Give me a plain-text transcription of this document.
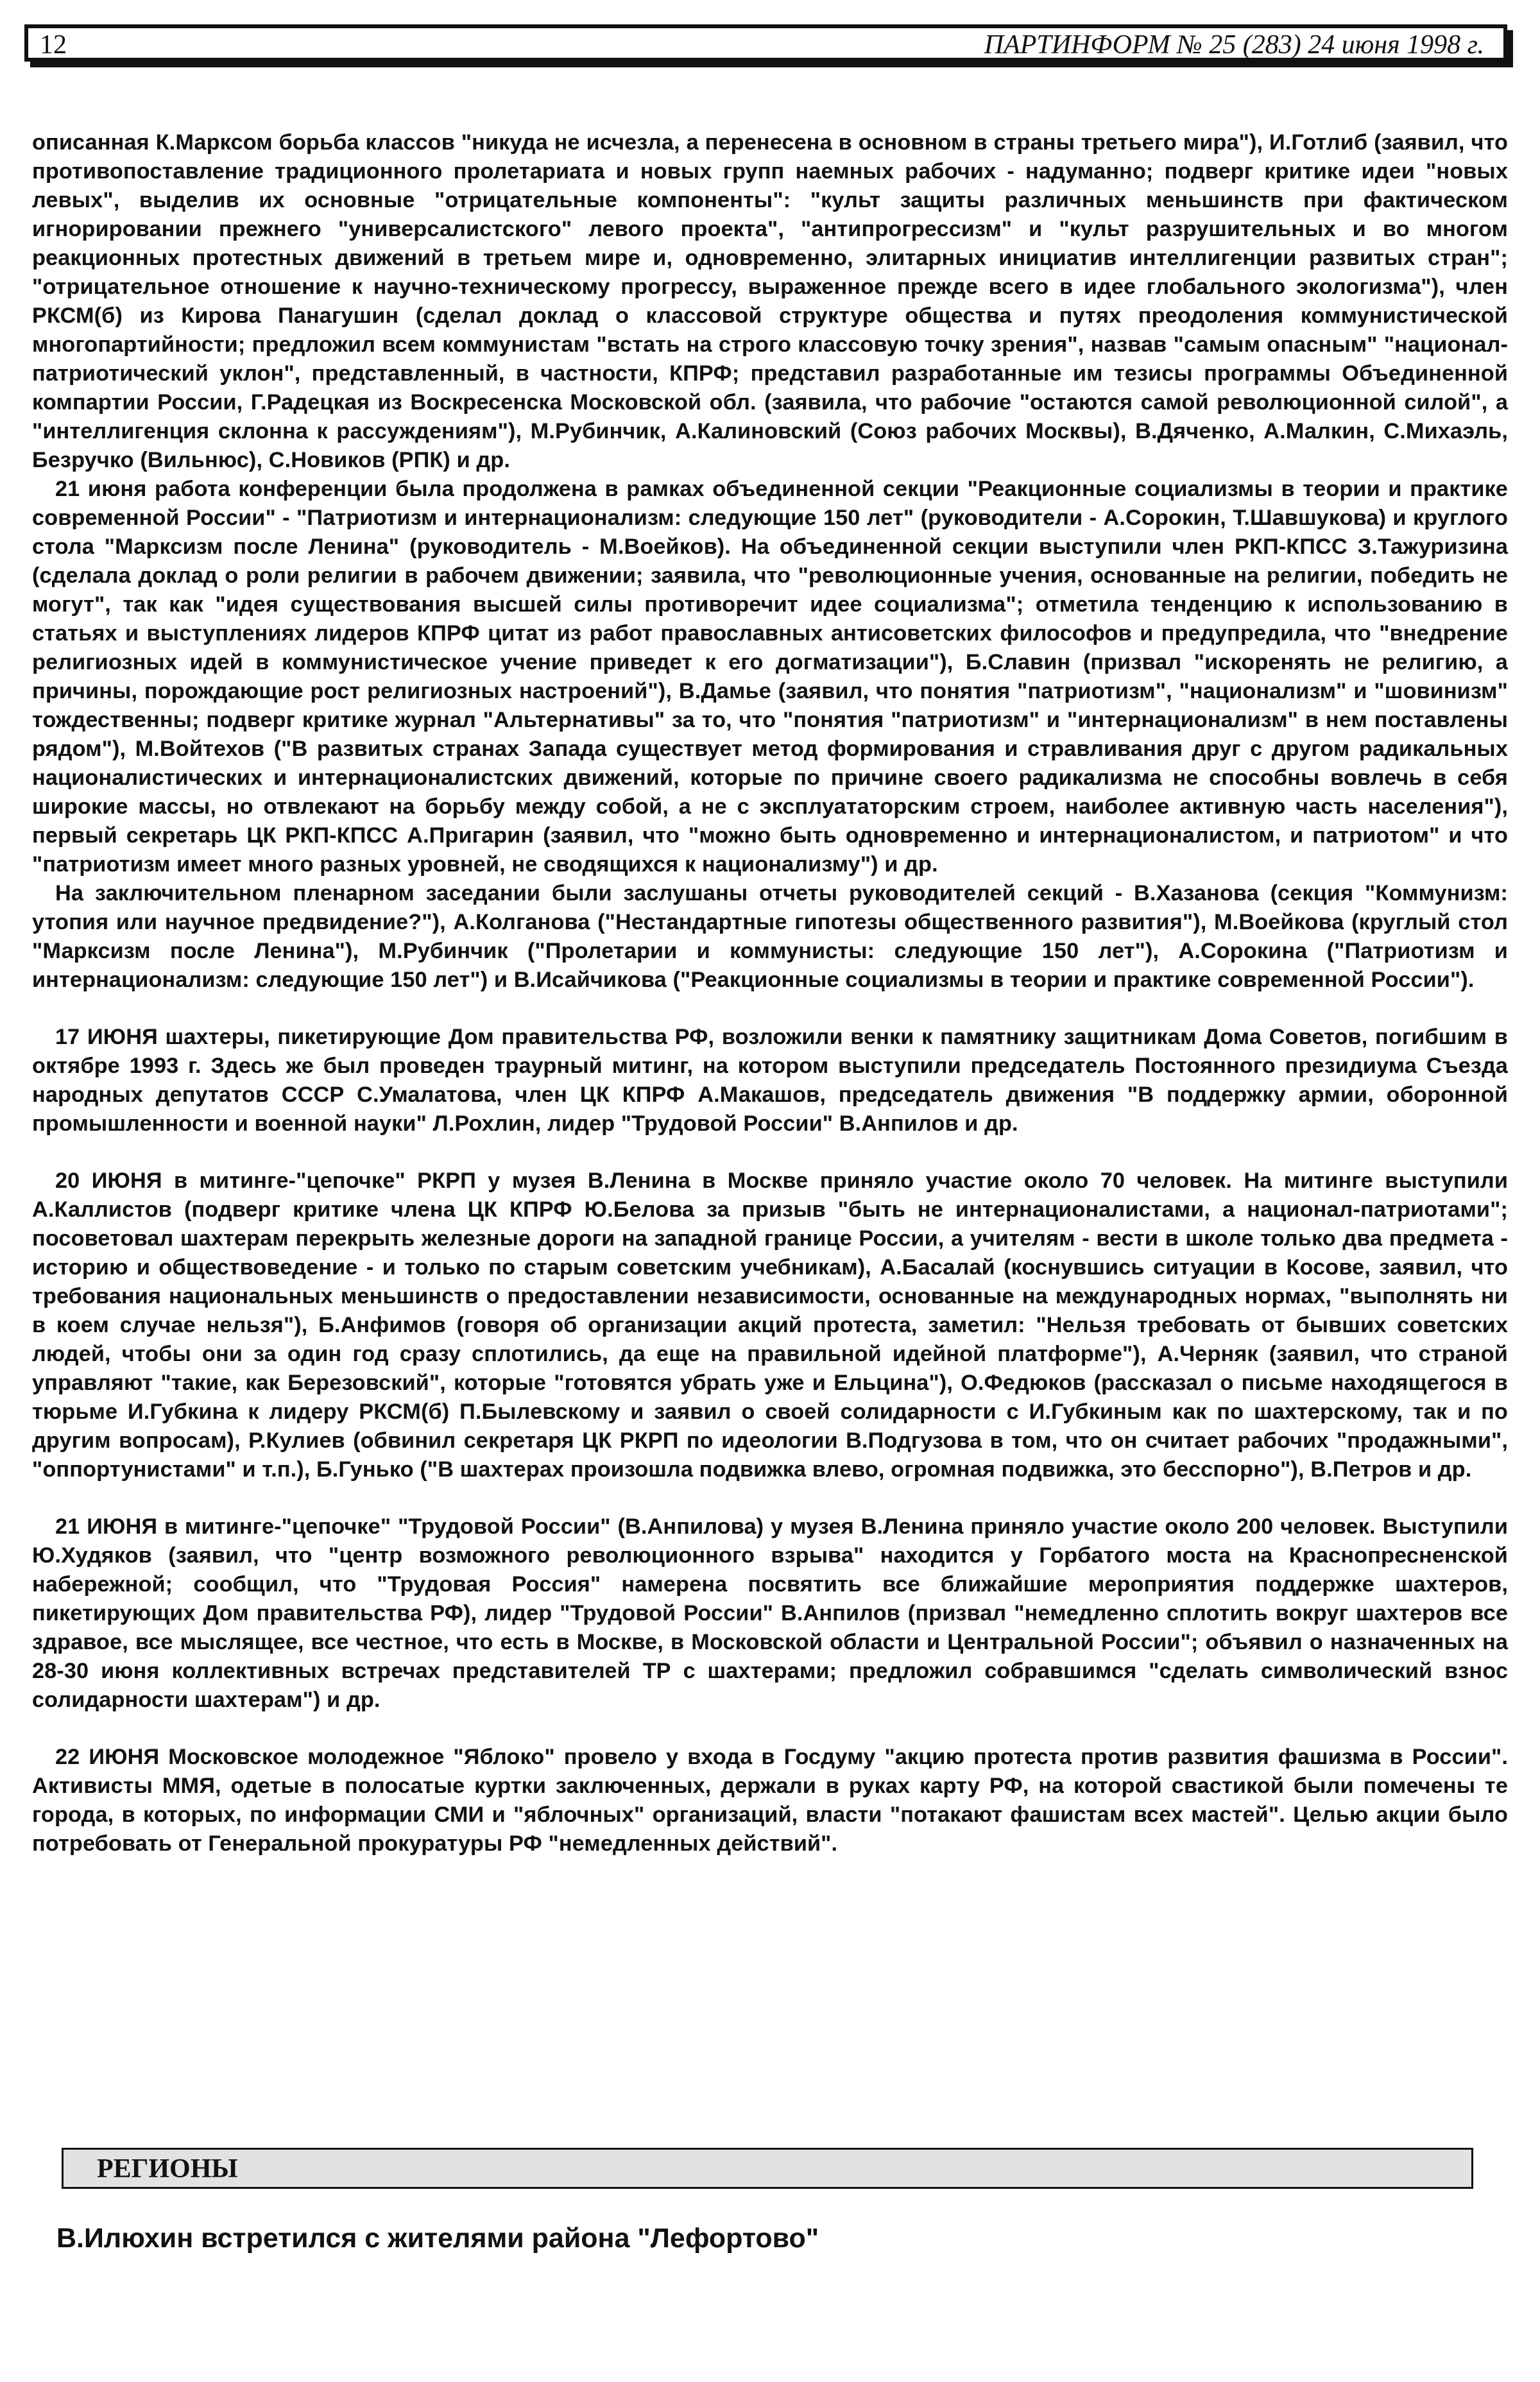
12	ПАРТИНФОРМ № 25 (283) 24 июня 1998 г.

описанная К.Марксом борьба классов "никуда не исчезла, а перенесена в основном в страны третьего мира"), И.Готлиб (заявил, что противопоставление традиционного пролетариата и новых групп наемных рабочих - надуманно; подверг критике идеи "новых левых", выделив их основные "отрицательные компоненты": "культ защиты различных меньшинств при фактическом игнорировании прежнего "универсалистского" левого проекта", "антипрогрессизм" и "культ разрушительных и во многом реакционных протестных движений в третьем мире и, одновременно, элитарных инициатив интеллигенции развитых стран"; "отрицательное отношение к научно-техническому прогрессу, выраженное прежде всего в идее глобального экологизма"), член РКСМ(б) из Кирова Панагушин (сделал доклад о классовой структуре общества и путях преодоления коммунистической многопартийности; предложил всем коммунистам "встать на строго классовую точку зрения", назвав "самым опасным" "национал-патриотический уклон", представленный, в частности, КПРФ; представил разработанные им тезисы программы Объединенной компартии России, Г.Радецкая из Воскресенска Московской обл. (заявила, что рабочие "остаются самой революционной силой", а "интеллигенция склонна к рассуждениям"), М.Рубинчик, А.Калиновский (Союз рабочих Москвы), В.Дяченко, А.Малкин, С.Михаэль, Безручко (Вильнюс), С.Новиков (РПК) и др.

21 июня работа конференции была продолжена в рамках объединенной секции "Реакционные социализмы в теории и практике современной России" - "Патриотизм и интернационализм: следующие 150 лет" (руководители - А.Сорокин, Т.Шавшукова) и круглого стола "Марксизм после Ленина" (руководитель - М.Воейков). На объединенной секции выступили член РКП-КПСС З.Тажуризина (сделала доклад о роли религии в рабочем движении; заявила, что "революционные учения, основанные на религии, победить не могут", так как "идея существования высшей силы противоречит идее социализма"; отметила тенденцию к использованию в статьях и выступлениях лидеров КПРФ цитат из работ православных антисоветских философов и предупредила, что "внедрение религиозных идей в коммунистическое учение приведет к его догматизации"), Б.Славин (призвал "искоренять не религию, а причины, порождающие рост религиозных настроений"), В.Дамье (заявил, что понятия "патриотизм", "национализм" и "шовинизм" тождественны; подверг критике журнал "Альтернативы" за то, что "понятия "патриотизм" и "интернационализм" в нем поставлены рядом"), М.Войтехов ("В развитых странах Запада существует метод формирования и стравливания друг с другом радикальных националистических и интернационалистских движений, которые по причине своего радикализма не способны вовлечь в себя широкие массы, но отвлекают на борьбу между собой, а не с эксплуататорским строем, наиболее активную часть населения"), первый секретарь ЦК РКП-КПСС А.Пригарин (заявил, что "можно быть одновременно и интернационалистом, и патриотом" и что "патриотизм имеет много разных уровней, не сводящихся к национализму") и др.

На заключительном пленарном заседании были заслушаны отчеты руководителей секций - В.Хазанова (секция "Коммунизм: утопия или научное предвидение?"), А.Колганова ("Нестандартные гипотезы общественного развития"), М.Воейкова (круглый стол "Марксизм после Ленина"), М.Рубинчик ("Пролетарии и коммунисты: следующие 150 лет"), А.Сорокина ("Патриотизм и интернационализм: следующие 150 лет") и В.Исайчикова ("Реакционные социализмы в теории и практике современной России").

17 ИЮНЯ шахтеры, пикетирующие Дом правительства РФ, возложили венки к памятнику защитникам Дома Советов, погибшим в октябре 1993 г. Здесь же был проведен траурный митинг, на котором выступили председатель Постоянного президиума Съезда народных депутатов СССР С.Умалатова, член ЦК КПРФ А.Макашов, председатель движения "В поддержку армии, оборонной промышленности и военной науки" Л.Рохлин, лидер "Трудовой России" В.Анпилов и др.

20 ИЮНЯ в митинге-"цепочке" РКРП у музея В.Ленина в Москве приняло участие около 70 человек. На митинге выступили А.Каллистов (подверг критике члена ЦК КПРФ Ю.Белова за призыв "быть не интернационалистами, а национал-патриотами"; посоветовал шахтерам перекрыть железные дороги на западной границе России, а учителям - вести в школе только два предмета - историю и обществоведение - и только по старым советским учебникам), А.Басалай (коснувшись ситуации в Косове, заявил, что требования национальных меньшинств о предоставлении независимости, основанные на международных нормах, "выполнять ни в коем случае нельзя"), Б.Анфимов (говоря об организации акций протеста, заметил: "Нельзя требовать от бывших советских людей, чтобы они за один год сразу сплотились, да еще на правильной идейной платформе"), А.Черняк (заявил, что страной управляют "такие, как Березовский", которые "готовятся убрать уже и Ельцина"), О.Федюков (рассказал о письме находящегося в тюрьме И.Губкина к лидеру РКСМ(б) П.Былевскому и заявил о своей солидарности с И.Губкиным как по шахтерскому, так и по другим вопросам), Р.Кулиев (обвинил секретаря ЦК РКРП по идеологии В.Подгузова в том, что он считает рабочих "продажными", "оппортунистами" и т.п.), Б.Гунько ("В шахтерах произошла подвижка влево, огромная подвижка, это бесспорно"), В.Петров и др.

21 ИЮНЯ в митинге-"цепочке" "Трудовой России" (В.Анпилова) у музея В.Ленина приняло участие около 200 человек. Выступили Ю.Худяков (заявил, что "центр возможного революционного взрыва" находится у Горбатого моста на Краснопресненской набережной; сообщил, что "Трудовая Россия" намерена посвятить все ближайшие мероприятия поддержке шахтеров, пикетирующих Дом правительства РФ), лидер "Трудовой России" В.Анпилов (призвал "немедленно сплотить вокруг шахтеров все здравое, все мыслящее, все честное, что есть в Москве, в Московской области и Центральной России"; объявил о назначенных на 28-30 июня коллективных встречах представителей ТР с шахтерами; предложил собравшимся "сделать символический взнос солидарности шахтерам") и др.

22 ИЮНЯ Московское молодежное "Яблоко" провело у входа в Госдуму "акцию протеста против развития фашизма в России". Активисты ММЯ, одетые в полосатые куртки заключенных, держали в руках карту РФ, на которой свастикой были помечены те города, в которых, по информации СМИ и "яблочных" организаций, власти "потакают фашистам всех мастей". Целью акции было потребовать от Генеральной прокуратуры РФ "немедленных действий".

РЕГИОНЫ
В.Илюхин встретился с жителями района "Лефортово"
